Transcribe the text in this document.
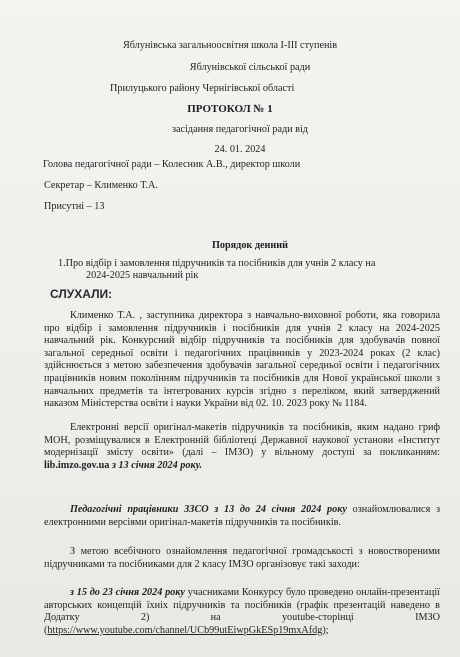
Яблунівська загальноосвітня школа І-ІІІ ступенів
Яблунівської сільської ради
Прилуцького району Чернігівської області
ПРОТОКОЛ № 1
засідання педагогічної ради від
24. 01. 2024
Голова педагогічної ради – Колесник А.В., директор школи
Секретар – Клименко Т.А.
Присутні – 13
Порядок денний
1.Про відбір і замовлення підручників та посібників для учнів 2 класу на
2024-2025 навчальний рік
СЛУХАЛИ:
Клименко Т.А. , заступника директора з навчально-виховної роботи, яка говорила про відбір і замовлення підручників і посібників для учнів 2 класу на 2024-2025 навчальний рік. Конкурсний відбір підручників та посібників для здобувачів повної загальної середньої освіти і педагогічних працівників у 2023-2024 роках (2 клас) здійснюється з метою забезпечення здобувачів загальної середньої освіти і педагогічних працівників новим поколінням підручників та посібників для Нової української школи з навчальних предметів та інтегрованих курсів згідно з переліком, який затверджений наказом Міністерства освіти і науки України від 02. 10. 2023 року № 1184.
Електронні версії оригінал-макетів підручників та посібників, яким надано гриф МОН, розміщувалися в Електронній бібліотеці Державної наукової установи «Інститут модернізації змісту освіти» (далі – ІМЗО) у вільному доступі за покликанням: lib.imzo.gov.ua з 13 січня 2024 року.
Педагогічні працівники ЗЗСО з 13 до 24 січня 2024 року ознайомлювалися з електронними версіями оригінал-макетів підручників та посібників.
З метою всебічного ознайомлення педагогічної громадськості з новоствореними підручниками та посібниками для 2 класу ІМЗО організовує такі заходи:
з 15 до 23 січня 2024 року учасниками Конкурсу було проведено онлайн-презентації авторських концепцій їхніх підручників та посібників (графік презентацій наведено в Додатку 2) на youtube-сторінці ІМЗО (https://www.youtube.com/channel/UCb99utEiwpGkESp19mxAfdg);
